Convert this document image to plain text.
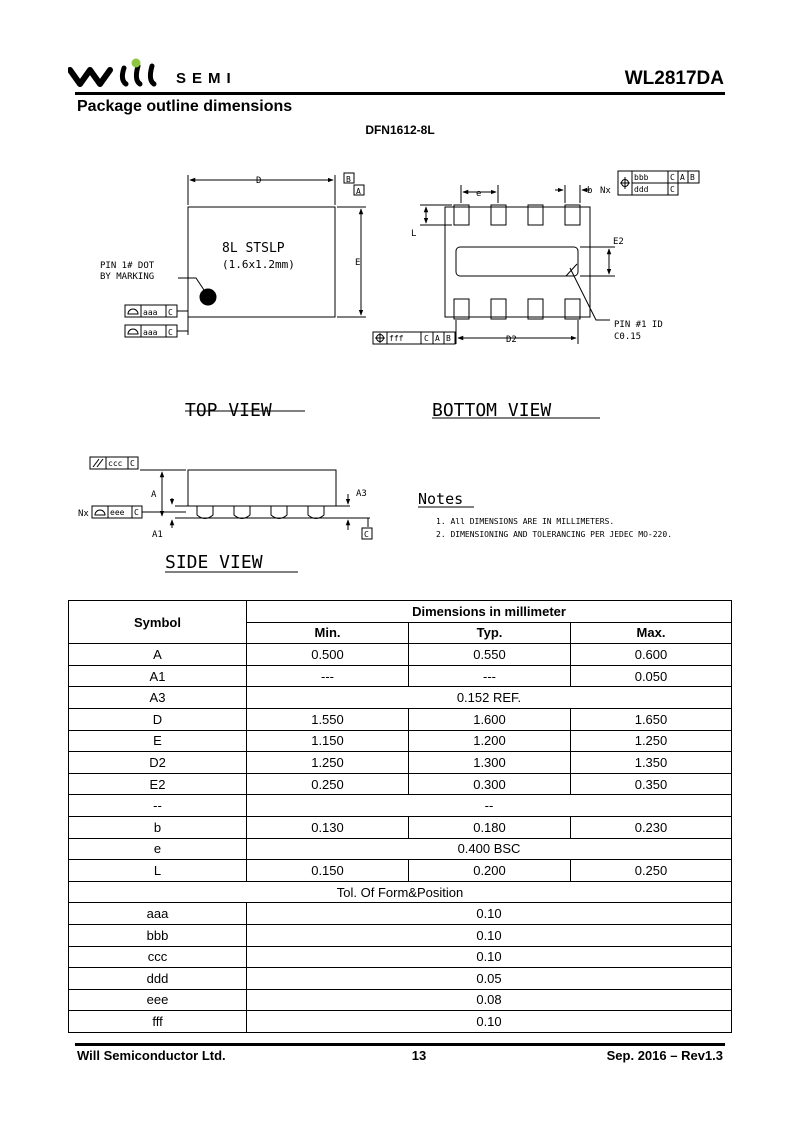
SEMI	WL2817DA
Package outline dimensions
DFN1612-8L
D	B
A
E
8L STSLP
(1.6x1.2mm)
PIN 1# DOT
BY MARKING
aaa C
aaa C
TOP VIEW
e	b Nx
L
E2
D2
PIN #1 ID
C0.15
bbb	C A B
ddd	C
fff	C A B
BOTTOM VIEW
A
A1
A3
Nx
ccc C
eee C
C
SIDE VIEW
Notes
1. All DIMENSIONS ARE IN MILLIMETERS.
2. DIMENSIONING AND TOLERANCING PER JEDEC MO-220.
Symbol	Dimensions in millimeter		
	Min.	Typ.	Max.
A	0.500	0.550	0.600
A1	---	---	0.050
A3	0.152 REF.		
D	1.550	1.600	1.650
E	1.150	1.200	1.250
D2	1.250	1.300	1.350
E2	0.250	0.300	0.350
--	--		
b	0.130	0.180	0.230
e	0.400 BSC		
L	0.150	0.200	0.250
Tol. Of Form&Position			
aaa	0.10		
bbb	0.10		
ccc	0.10		
ddd	0.05		
eee	0.08		
fff	0.10		
Will Semiconductor Ltd.	13	Sep. 2016 – Rev1.3
